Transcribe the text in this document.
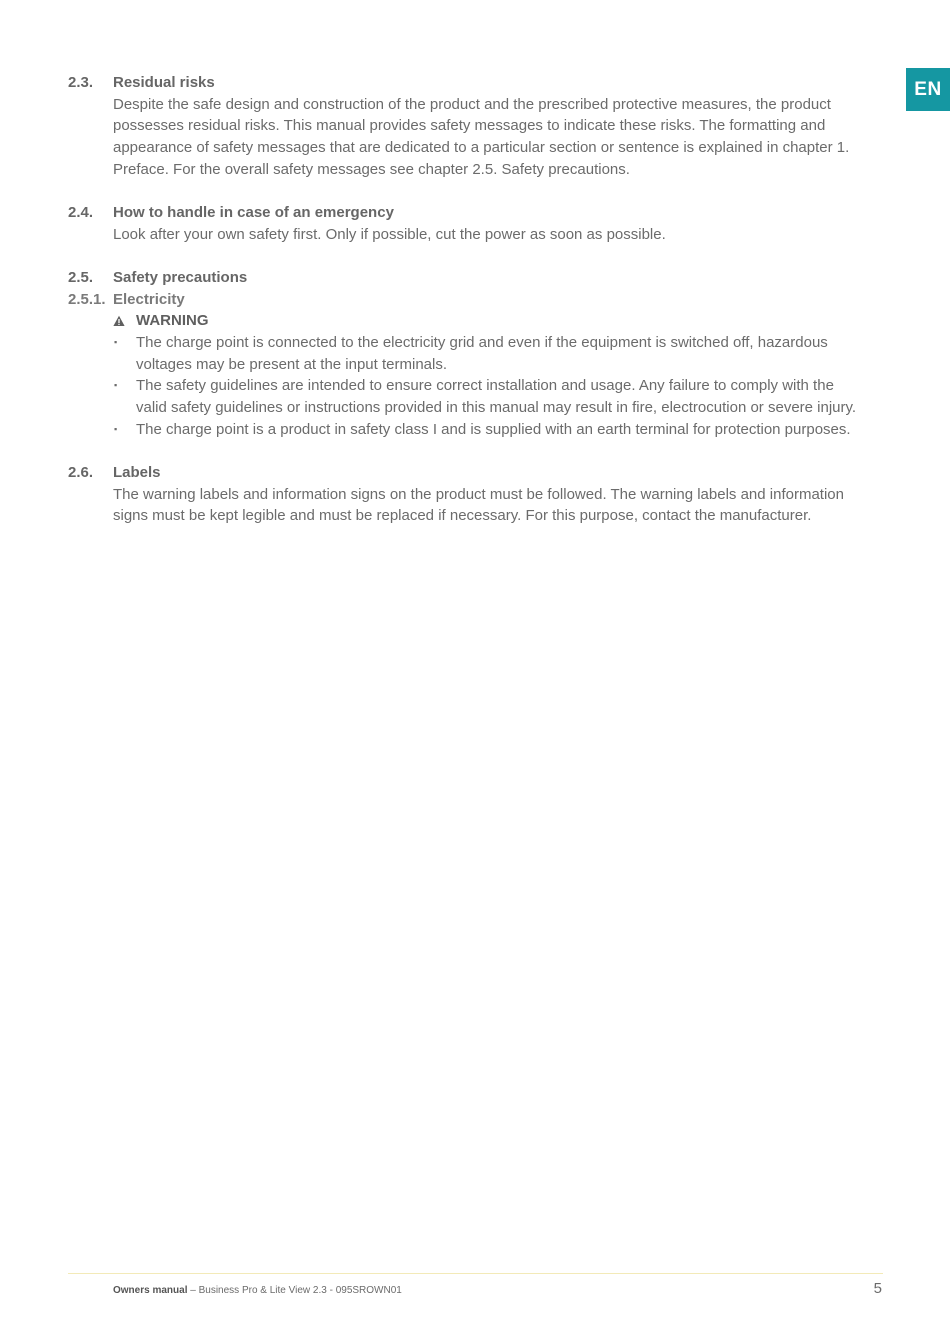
EN
2.3.	Residual risks
Despite the safe design and construction of the product and the prescribed protective measures, the product
possesses residual risks. This manual provides safety messages to indicate these risks. The formatting and
appearance of safety messages that are dedicated to a particular section or sentence is explained in chapter 1.
Preface. For the overall safety messages see chapter 2.5. Safety precautions.
2.4.	How to handle in case of an emergency
Look after your own safety first. Only if possible, cut the power as soon as possible.
2.5.	Safety precautions
2.5.1. Electricity
WARNING
▪	The charge point is connected to the electricity grid and even if the equipment is switched off, hazardous
voltages may be present at the input terminals.
▪	The safety guidelines are intended to ensure correct installation and usage. Any failure to comply with the
valid safety guidelines or instructions provided in this manual may result in fire, electrocution or severe injury.
▪	The charge point is a product in safety class I and is supplied with an earth terminal for protection purposes.
2.6.	Labels
The warning labels and information signs on the product must be followed. The warning labels and information
signs must be kept legible and must be replaced if necessary. For this purpose, contact the manufacturer.
Owners manual – Business Pro & Lite View 2.3 - 095SROWN01	5
